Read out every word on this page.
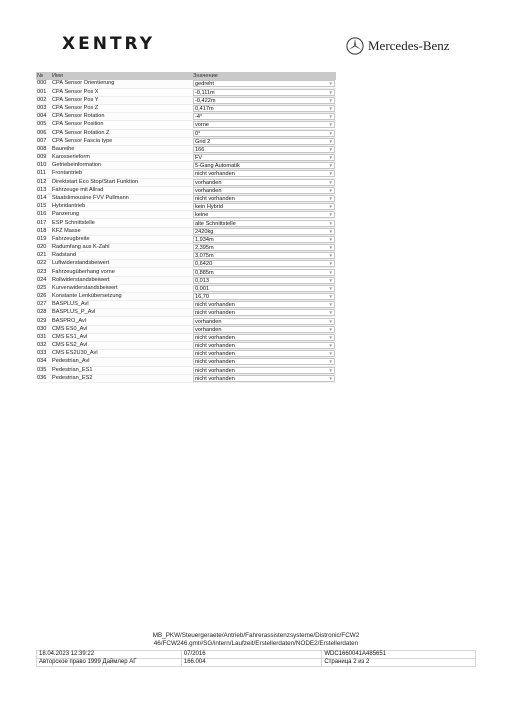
XENTRY	Mercedes-Benz
№	Имя	Значение
000	CPA Sensor Orientierung	gedreht ▼

001	CPA Sensor Pos X	-0,111m ▼

002	CPA Sensor Pos Y	-0,422m ▼

003	CPA Sensor Pos Z	0,417m ▼

004	CPA Sensor Rotation	-4° ▼

005	CPA Sensor Position	vorne ▼

006	CPA Sensor Rotation Z	0° ▼

007	CPA Sensor Fascia type	Grid 2 ▼

008	Baureihe	166 ▼

009	Karosserieform	FV ▼

010	Getriebeinformation	5-Gang Automatik ▼

011	Frontantrieb	nicht vorhanden ▼

012	Direktstart Eco Stop/Start Funktion	vorhanden ▼

013	Fahrzeuge mit Allrad	vorhanden ▼

014	Staatslimousine FVV Pullmann	nicht vorhanden ▼

015	Hybridantrieb	kein Hybrid ▼

016	Panzerung	keine ▼

017	ESP Schnittstelle	alte Schnittstelle ▼

018	KFZ Masse	2420kg ▼

019	Fahrzeugbreite	1,934m ▼

020	Radumfang aus K-Zahl	2,395m ▼

021	Radstand	3,075m ▼

022	Luftwiderstandsbeiwert	0,6420 ▼

023	Fahrzeugüberhang vorne	0,885m ▼

024	Rollwiderstandsbeiwert	0,013 ▼

025	Kurvenwiderstandsbeiwert	0,001 ▼

026	Konstante Lenkübersetzung	16,70 ▼

027	BASPLUS_Avl	nicht vorhanden ▼

028	BASPLUS_P_Avl	nicht vorhanden ▼

029	BASPRO_Avl	vorhanden ▼

030	CMS ES0_Avl	vorhanden ▼

031	CMS ES1_Avl	nicht vorhanden ▼

032	CMS ES2_Avl	nicht vorhanden ▼

033	CMS ES2U30_Avl	nicht vorhanden ▼

034	Pedestrian_Avl	nicht vorhanden ▼

035	Pedestrian_ES1	nicht vorhanden ▼

036	Pedestrian_ES2	nicht vorhanden ▼
MB_PKW/Steuergeraete/Antrieb/Fahrerassistenzsysteme/Distronic/FCW2
46/FCW246.gmt#SG/intern/Laufzeit/Erstellerdaten/NODE2/Erstellerdaten
18.04.2023 12:39:22	07/2016	WDC1660041A485651
Авторское право 1999 Даймлер АГ	166.004	Страница 2 из 2
